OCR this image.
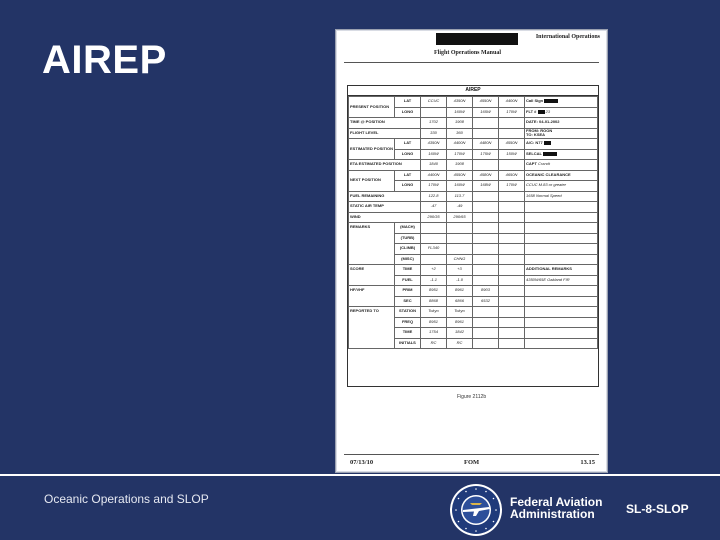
AIREP
International Operations
Flight Operations Manual
AIREP
PRESENT POSITION	LAT	CCUC	4350N	4550N	4400N	Call Sign
	LONG		160W	165W	170W	FLT # 23
TIME @ POSITION		1702	1908			DATE: 04-01-2002
FLIGHT LEVEL		330	360			FROM: ROON
TO: KSEA
ESTIMATED POSITION	LAT	4350N	4400N	4480N	4550N	A/C: N77
	LONG	160W	170W	175W	150W	SELCAL
ETA ESTIMATED POSITION		1840	1908			CAPT Crandt
NEXT POSITION	LAT	4400N	4550N	4580N	4650N	OCEANIC CLEARANCE
	LONG	170W	160W	168W	170W	CCUC M.83 or greater
FUEL REMAINING		122.8	113.7			1658 Normal Speed
STATIC AIR TEMP		-47	-49			
WIND		290/35	290/65			
REMARKS	(MACH)					
	(TURB)					
	(CLIMB)	FL340				
	(MISC)		CHNG			
SCORE	TIME	+2	+3			ADDITIONAL REMARKS
	FUEL	-1.1	-1.0			4350N/65E Oakland FIR
HF/VHF	PRIM	8951	8961	8903		
	SEC	8868	6866	6532		
REPORTED TO	STATION	Tokyo	Tokyo			
	FREQ	8951	8961			
	TIME	1754	1842			
	INITIALS	RC	RC			
Figure 2112b
07/13/10	FOM	13.15
Oceanic Operations and SLOP	Federal Aviation
Administration	SL-8-SLOP
